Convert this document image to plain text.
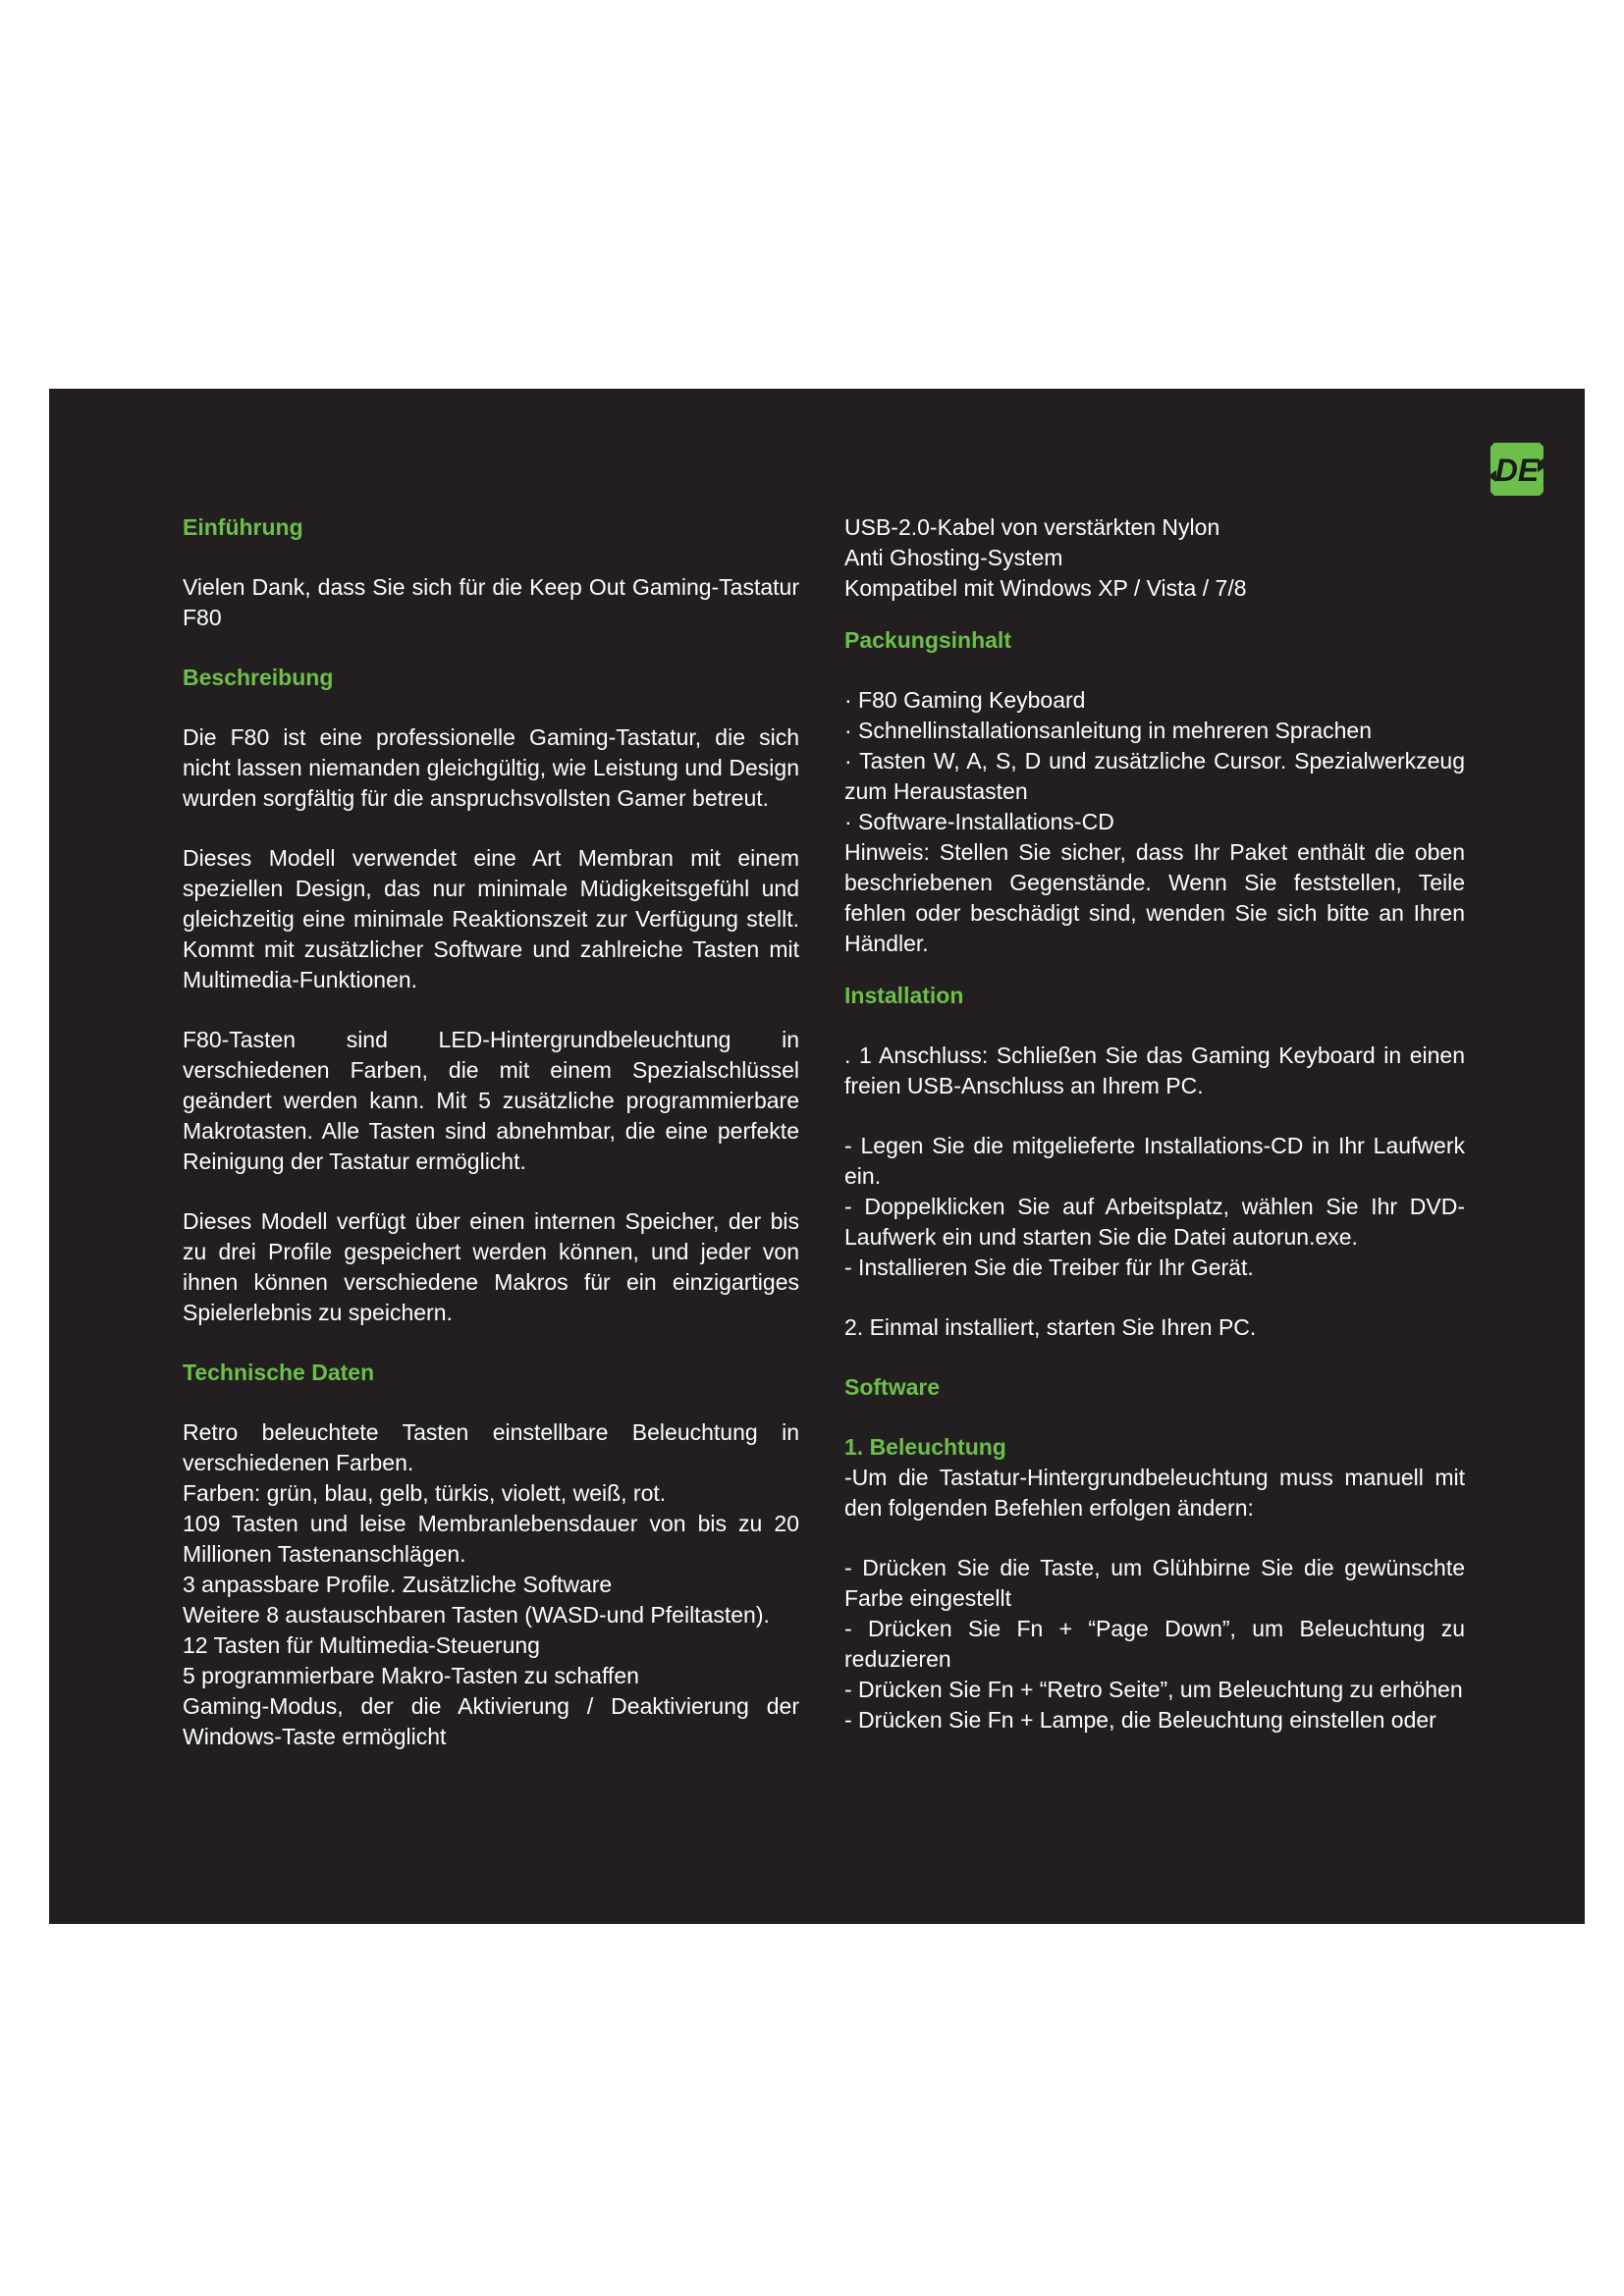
DE
Einführung

Vielen Dank, dass Sie sich für die Keep Out Gaming-Tastatur F80

Beschreibung

Die F80 ist eine professionelle Gaming-Tastatur, die sich nicht lassen niemanden gleichgültig, wie Leistung und Design wurden sorgfältig für die anspruchsvollsten Gamer betreut.

Dieses Modell verwendet eine Art Membran mit einem speziellen Design, das nur minimale Müdigkeitsgefühl und gleichzeitig eine minimale Reaktionszeit zur Verfügung stellt. Kommt mit zusätzlicher Software und zahlreiche Tasten mit Multimedia-Funktionen.

F80-Tasten sind LED-Hintergrundbeleuchtung in verschiedenen Farben, die mit einem Spezialschlüssel geändert werden kann. Mit 5 zusätzliche programmierbare Makrotasten. Alle Tasten sind abnehmbar, die eine perfekte Reinigung der Tastatur ermöglicht.

Dieses Modell verfügt über einen internen Speicher, der bis zu drei Profile gespeichert werden können, und jeder von ihnen können verschiedene Makros für ein einzigartiges Spielerlebnis zu speichern.

Technische Daten

Retro beleuchtete Tasten einstellbare Beleuchtung in verschiedenen Farben.

Farben: grün, blau, gelb, türkis, violett, weiß, rot.

109 Tasten und leise Membranlebensdauer von bis zu 20 Millionen Tastenanschlägen.

3 anpassbare Profile. Zusätzliche Software

Weitere 8 austauschbaren Tasten (WASD-und Pfeiltasten).

12 Tasten für Multimedia-Steuerung

5 programmierbare Makro-Tasten zu schaffen

Gaming-Modus, der die Aktivierung / Deaktivierung der Windows-Taste ermöglicht

USB-2.0-Kabel von verstärkten Nylon

Anti Ghosting-System

Kompatibel mit Windows XP / Vista / 7/8

Packungsinhalt

· F80 Gaming Keyboard

· Schnellinstallationsanleitung in mehreren Sprachen

· Tasten W, A, S, D und zusätzliche Cursor. Spezialwerkzeug zum Heraustasten

· Software-Installations-CD

Hinweis: Stellen Sie sicher, dass Ihr Paket enthält die oben beschriebenen Gegenstände. Wenn Sie feststellen, Teile fehlen oder beschädigt sind, wenden Sie sich bitte an Ihren Händler.

Installation

. 1 Anschluss: Schließen Sie das Gaming Keyboard in einen freien USB-Anschluss an Ihrem PC.

- Legen Sie die mitgelieferte Installations-CD in Ihr Laufwerk ein.

- Doppelklicken Sie auf Arbeitsplatz, wählen Sie Ihr DVD-Laufwerk ein und starten Sie die Datei autorun.exe.

- Installieren Sie die Treiber für Ihr Gerät.

2. Einmal installiert, starten Sie Ihren PC.

Software

1. Beleuchtung

-Um die Tastatur-Hintergrundbeleuchtung muss manuell mit den folgenden Befehlen erfolgen ändern:

- Drücken Sie die Taste, um Glühbirne Sie die gewünschte Farbe eingestellt

- Drücken Sie Fn + “Page Down”, um Beleuchtung zu reduzieren

- Drücken Sie Fn + “Retro Seite”, um Beleuchtung zu erhöhen

- Drücken Sie Fn + Lampe, die Beleuchtung einstellen oder
